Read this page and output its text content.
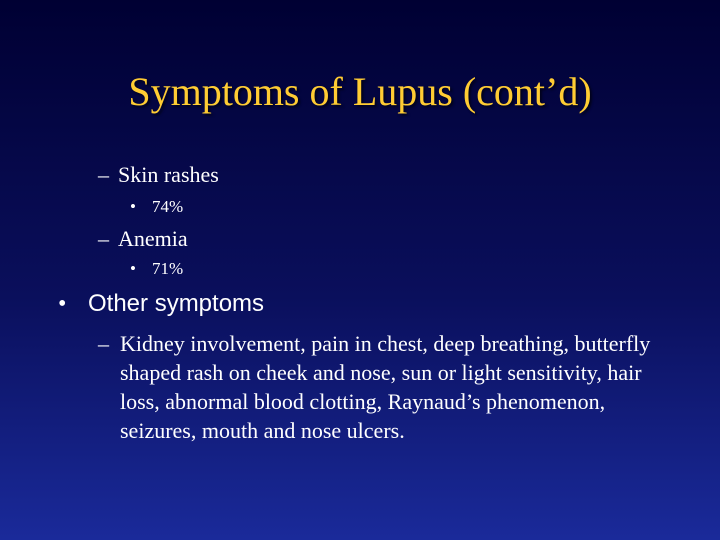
Symptoms of Lupus (cont’d)
– Skin rashes
• 74%
– Anemia
• 71%
• Other symptoms
– Kidney involvement, pain in chest, deep breathing, butterfly shaped rash on cheek and nose, sun or light sensitivity, hair loss, abnormal blood clotting, Raynaud’s phenomenon, seizures, mouth and nose ulcers.
